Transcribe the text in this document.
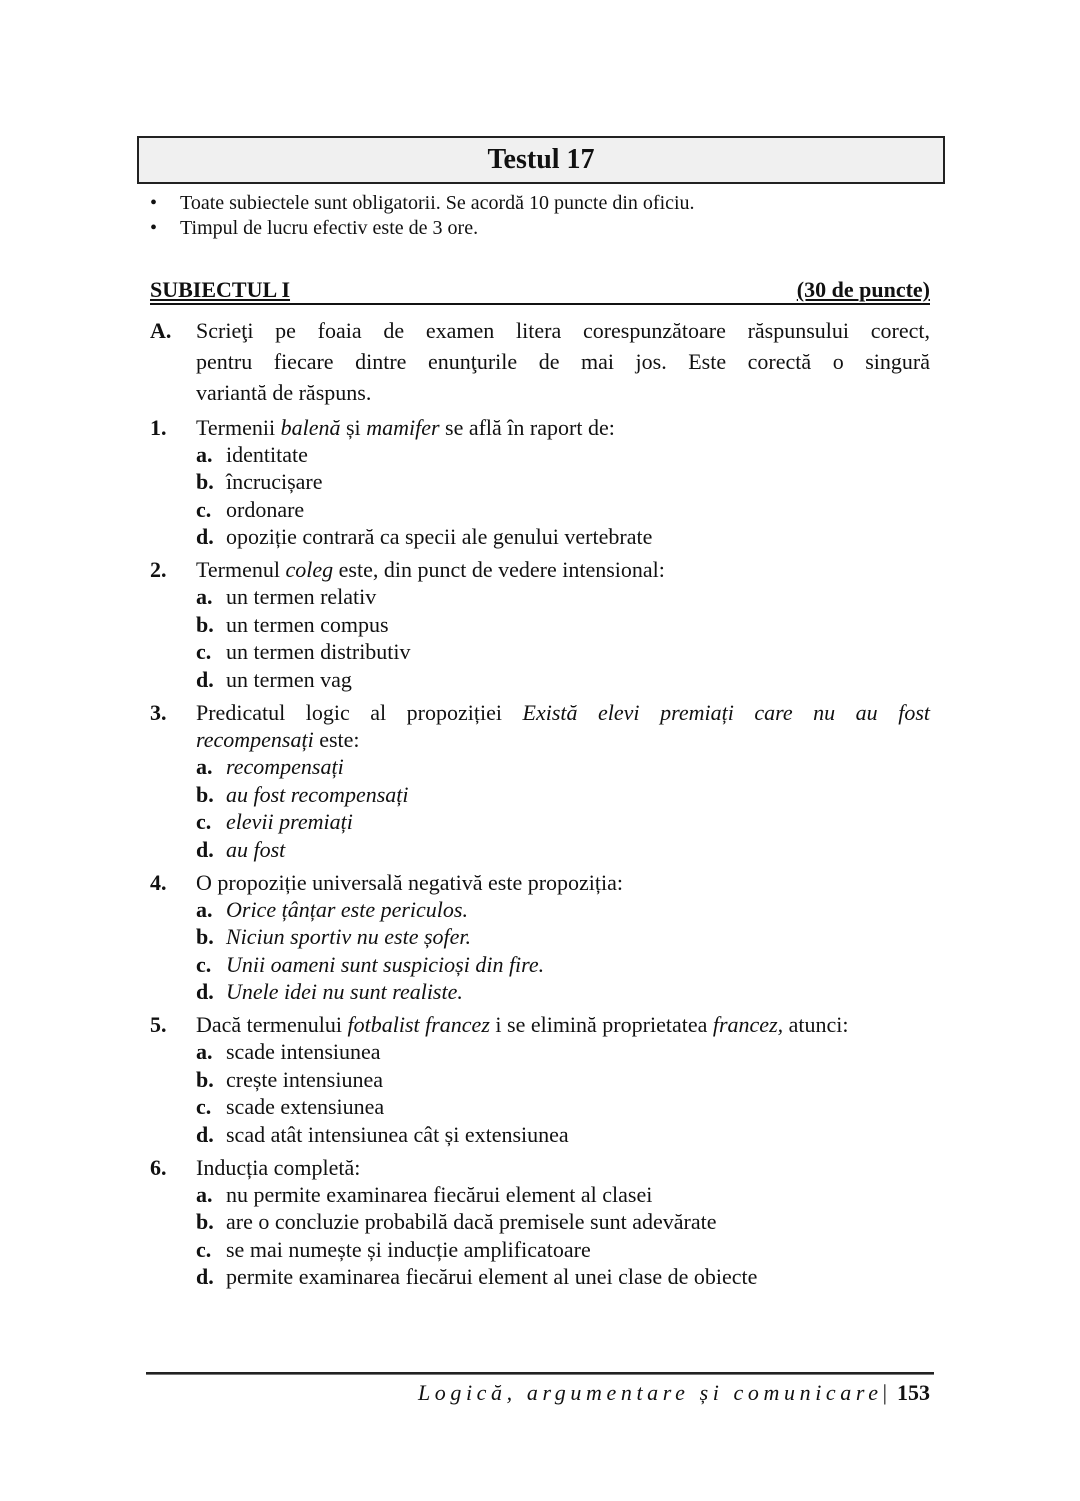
Testul 17
• Toate subiectele sunt obligatorii. Se acordă 10 puncte din oficiu.
• Timpul de lucru efectiv este de 3 ore.
SUBIECTUL I	(30 de puncte)
A. Scrieţi pe foaia de examen litera corespunzătoare răspunsului corect,
pentru fiecare dintre enunţurile de mai jos. Este corectă o singură
variantă de răspuns.
1. Termenii balenă și mamifer se află în raport de:
a. identitate
b. încrucișare
c. ordonare
d. opoziție contrară ca specii ale genului vertebrate
2. Termenul coleg este, din punct de vedere intensional:
a. un termen relativ
b. un termen compus
c. un termen distributiv
d. un termen vag
3. Predicatul logic al propoziției Există elevi premiați care nu au fost
recompensați este:
a. recompensați
b. au fost recompensați
c. elevii premiați
d. au fost
4. O propoziție universală negativă este propoziția:
a. Orice țânțar este periculos.
b. Niciun sportiv nu este șofer.
c. Unii oameni sunt suspicioși din fire.
d. Unele idei nu sunt realiste.
5. Dacă termenului fotbalist francez i se elimină proprietatea francez, atunci:
a. scade intensiunea
b. crește intensiunea
c. scade extensiunea
d. scad atât intensiunea cât și extensiunea
6. Inducția completă:
a. nu permite examinarea fiecărui element al clasei
b. are o concluzie probabilă dacă premisele sunt adevărate
c. se mai numește și inducție amplificatoare
d. permite examinarea fiecărui element al unei clase de obiecte
Logică, argumentare și comunicare| 153
